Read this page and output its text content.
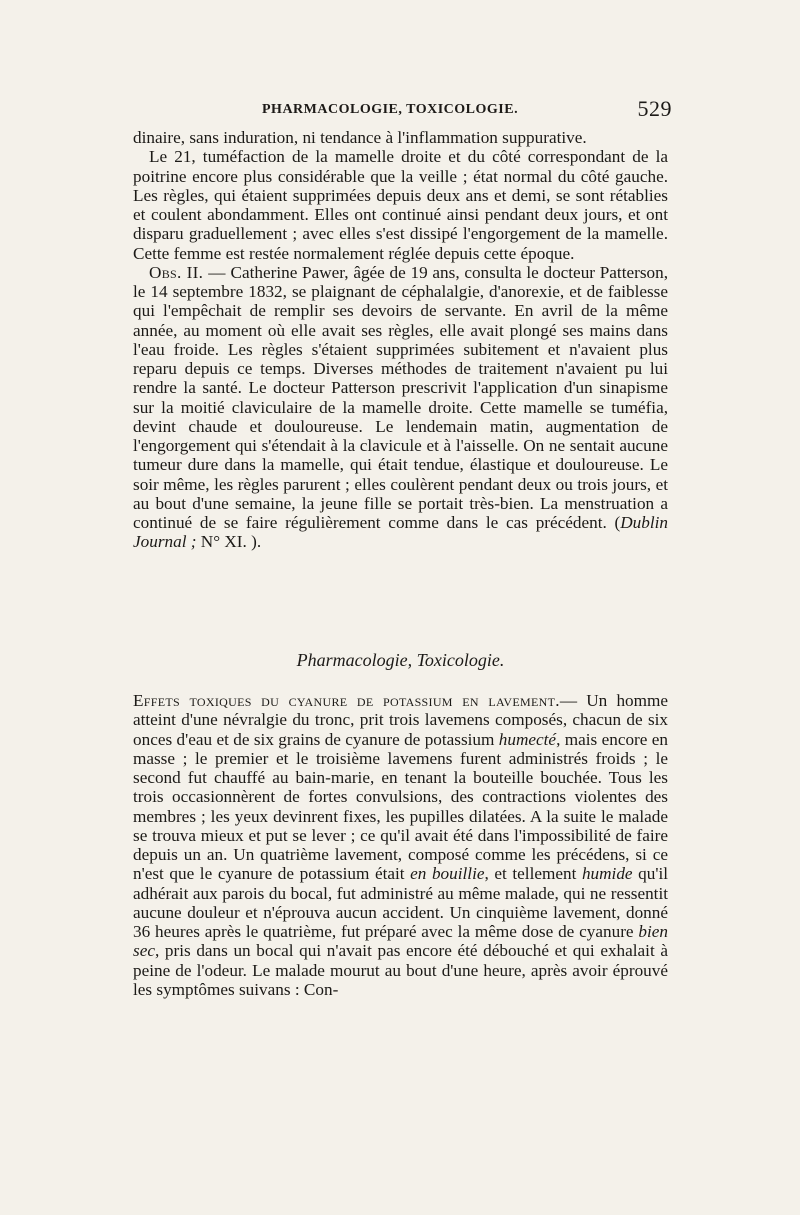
PHARMACOLOGIE, TOXICOLOGIE.	529

dinaire, sans induration, ni tendance à l'inflammation suppurative.

Le 21, tuméfaction de la mamelle droite et du côté correspondant de la poitrine encore plus considérable que la veille ; état normal du côté gauche. Les règles, qui étaient supprimées depuis deux ans et demi, se sont rétablies et coulent abondamment. Elles ont continué ainsi pendant deux jours, et ont disparu graduellement ; avec elles s'est dissipé l'engorgement de la mamelle. Cette femme est restée normalement réglée depuis cette époque.

Obs. II. — Catherine Pawer, âgée de 19 ans, consulta le docteur Patterson, le 14 septembre 1832, se plaignant de céphalalgie, d'anorexie, et de faiblesse qui l'empêchait de remplir ses devoirs de servante. En avril de la même année, au moment où elle avait ses règles, elle avait plongé ses mains dans l'eau froide. Les règles s'étaient supprimées subitement et n'avaient plus reparu depuis ce temps. Diverses méthodes de traitement n'avaient pu lui rendre la santé. Le docteur Patterson prescrivit l'application d'un sinapisme sur la moitié claviculaire de la mamelle droite. Cette mamelle se tuméfia, devint chaude et douloureuse. Le lendemain matin, augmentation de l'engorgement qui s'étendait à la clavicule et à l'aisselle. On ne sentait aucune tumeur dure dans la mamelle, qui était tendue, élastique et douloureuse. Le soir même, les règles parurent ; elles coulèrent pendant deux ou trois jours, et au bout d'une semaine, la jeune fille se portait très-bien. La menstruation a continué de se faire régulièrement comme dans le cas précédent. (Dublin Journal ; N° XI. ).

Pharmacologie, Toxicologie.

Effets toxiques du cyanure de potassium en lavement.— Un homme atteint d'une névralgie du tronc, prit trois lavemens composés, chacun de six onces d'eau et de six grains de cyanure de potassium humecté, mais encore en masse ; le premier et le troisième lavemens furent administrés froids ; le second fut chauffé au bain-marie, en tenant la bouteille bouchée. Tous les trois occasionnèrent de fortes convulsions, des contractions violentes des membres ; les yeux devinrent fixes, les pupilles dilatées. A la suite le malade se trouva mieux et put se lever ; ce qu'il avait été dans l'impossibilité de faire depuis un an. Un quatrième lavement, composé comme les précédens, si ce n'est que le cyanure de potassium était en bouillie, et tellement humide qu'il adhérait aux parois du bocal, fut administré au même malade, qui ne ressentit aucune douleur et n'éprouva aucun accident. Un cinquième lavement, donné 36 heures après le quatrième, fut préparé avec la même dose de cyanure bien sec, pris dans un bocal qui n'avait pas encore été débouché et qui exhalait à peine de l'odeur. Le malade mourut au bout d'une heure, après avoir éprouvé les symptômes suivans : Con-
